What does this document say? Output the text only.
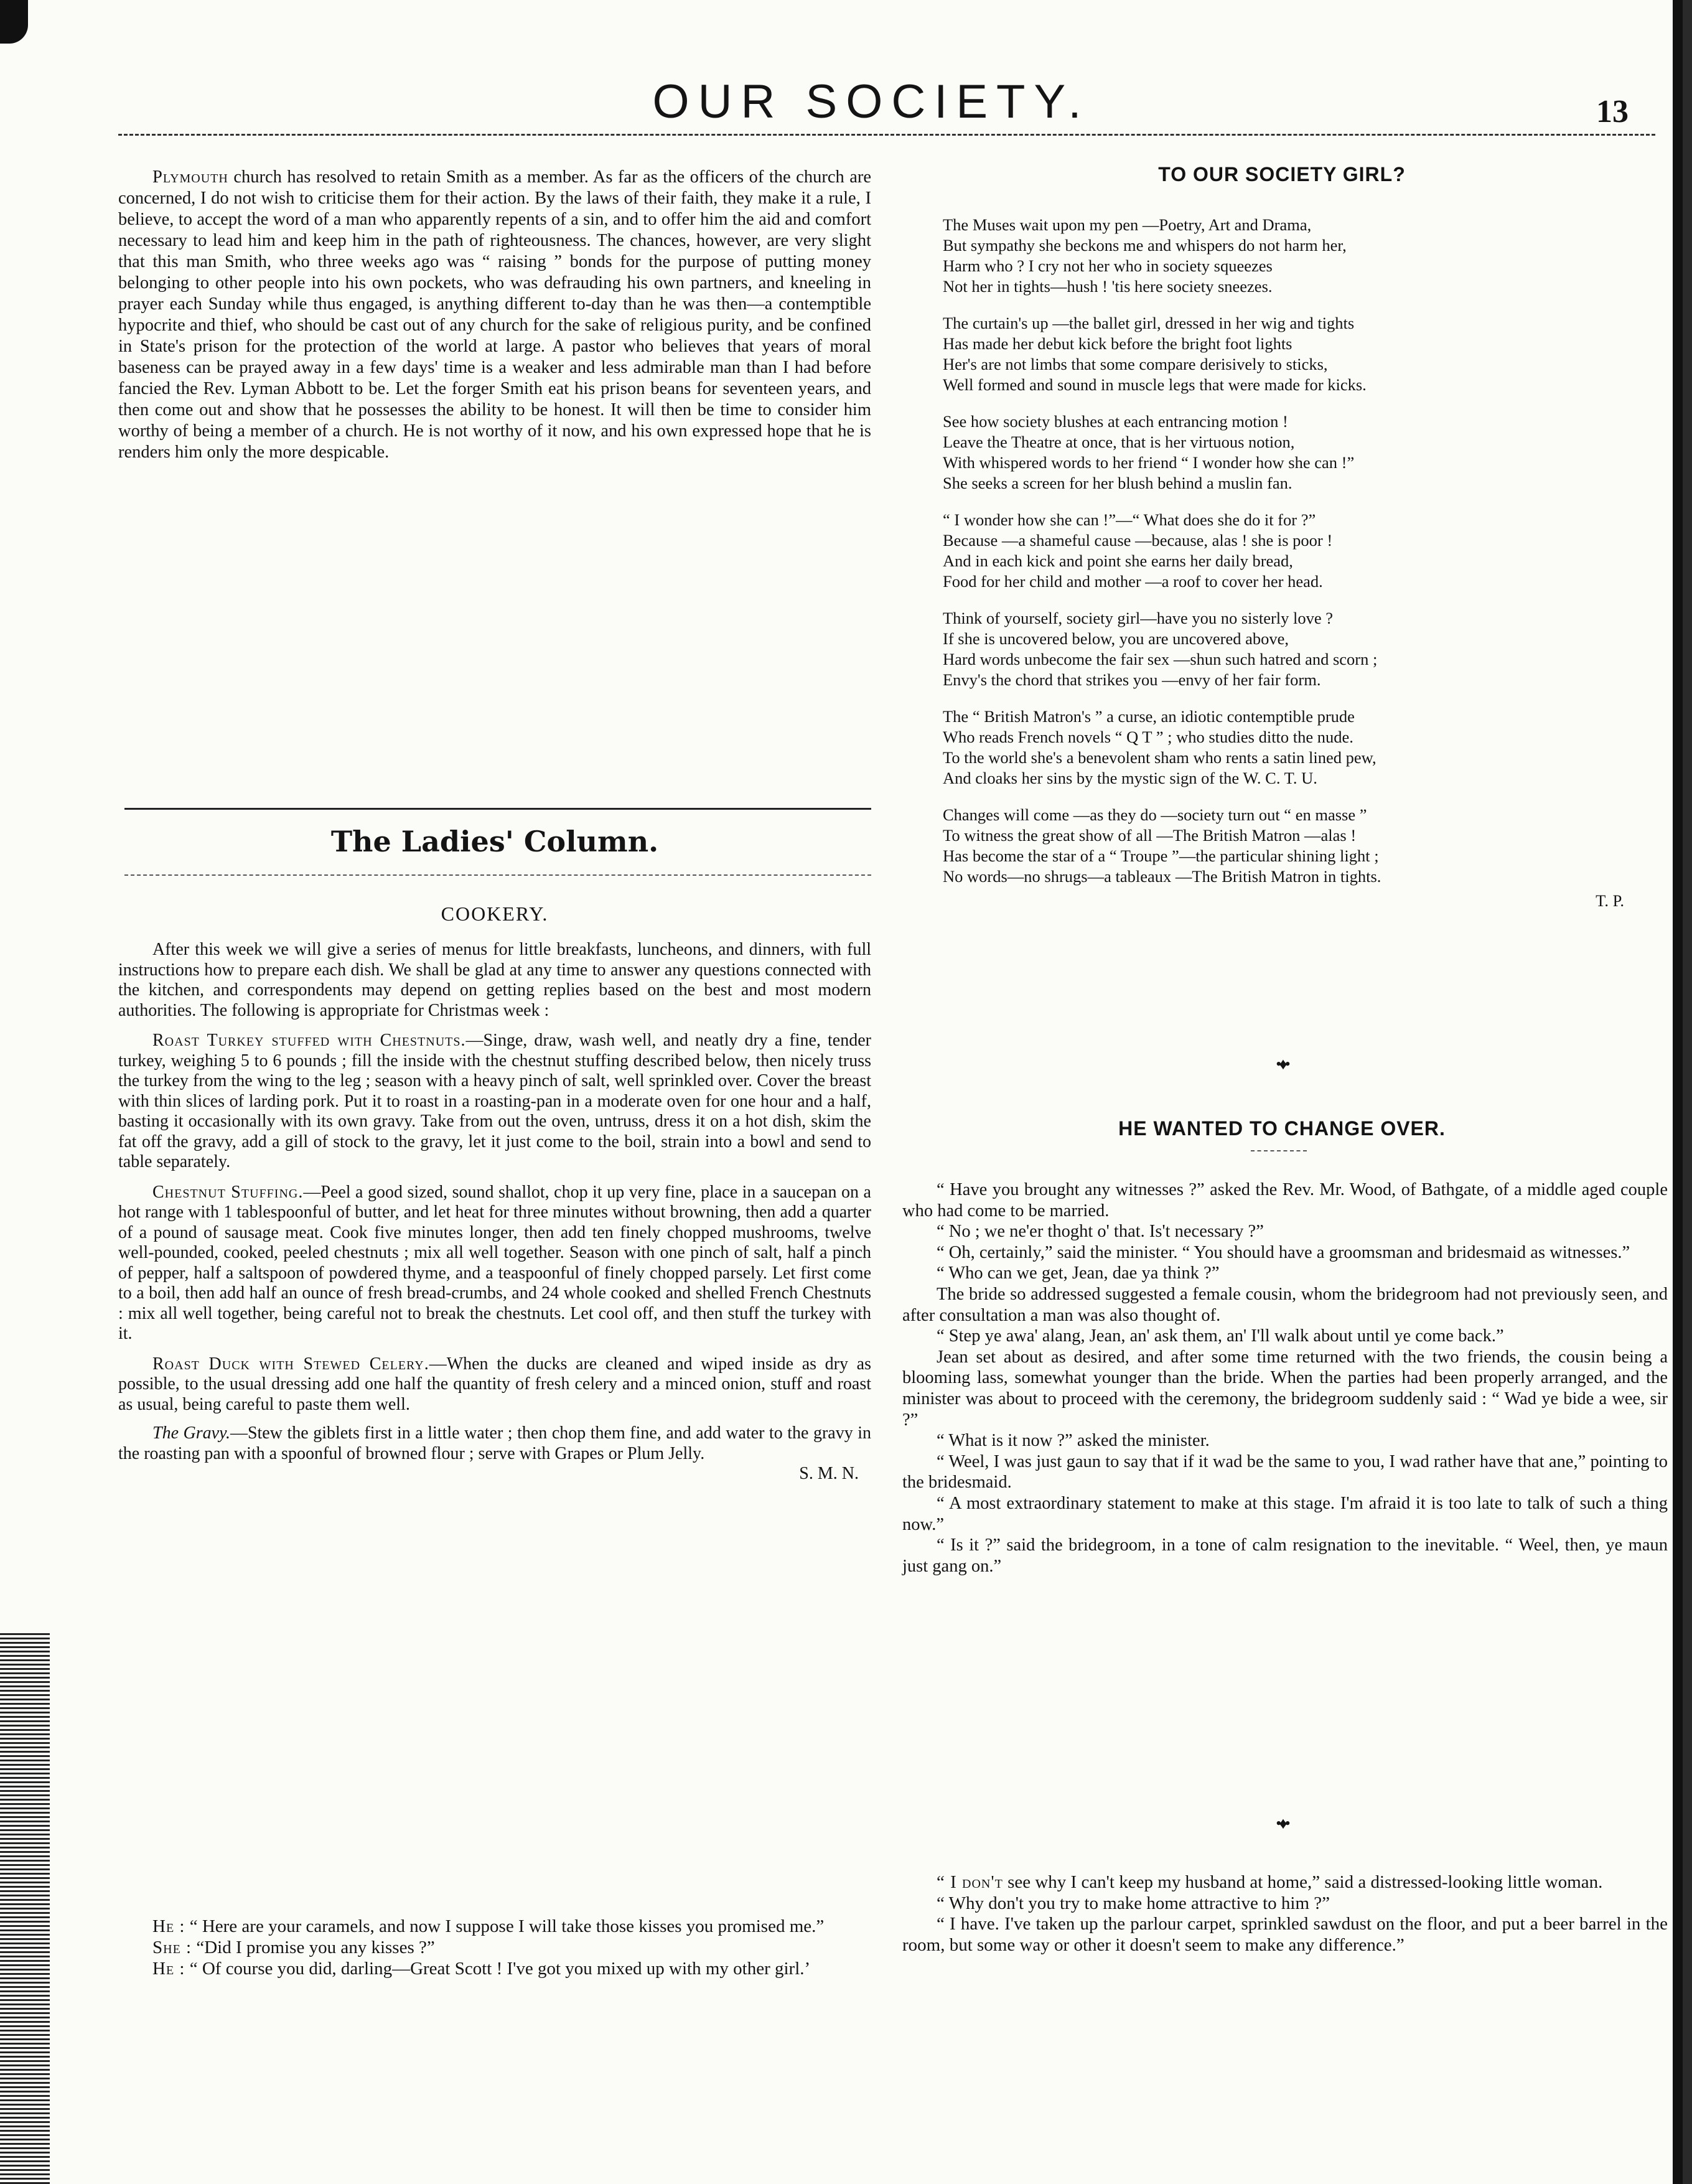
OUR SOCIETY.	13

Plymouth church has resolved to retain Smith as a member. As far as the officers of the church are concerned, I do not wish to criticise them for their action. By the laws of their faith, they make it a rule, I believe, to accept the word of a man who apparently repents of a sin, and to offer him the aid and comfort necessary to lead him and keep him in the path of righteousness. The chances, however, are very slight that this man Smith, who three weeks ago was “ raising ” bonds for the purpose of putting money belonging to other people into his own pockets, who was defrauding his own partners, and kneeling in prayer each Sunday while thus engaged, is anything different to-day than he was then—a contemptible hypocrite and thief, who should be cast out of any church for the sake of religious purity, and be confined in State's prison for the protection of the world at large. A pastor who believes that years of moral baseness can be prayed away in a few days' time is a weaker and less admirable man than I had before fancied the Rev. Lyman Abbott to be. Let the forger Smith eat his prison beans for seventeen years, and then come out and show that he possesses the ability to be honest. It will then be time to consider him worthy of being a member of a church. He is not worthy of it now, and his own expressed hope that he is renders him only the more despicable.

The Ladies' Column.
COOKERY.

After this week we will give a series of menus for little breakfasts, luncheons, and dinners, with full instructions how to prepare each dish. We shall be glad at any time to answer any questions connected with the kitchen, and correspondents may depend on getting replies based on the best and most modern authorities. The following is appropriate for Christmas week :

Roast Turkey stuffed with Chestnuts.—Singe, draw, wash well, and neatly dry a fine, tender turkey, weighing 5 to 6 pounds ; fill the inside with the chestnut stuffing described below, then nicely truss the turkey from the wing to the leg ; season with a heavy pinch of salt, well sprinkled over. Cover the breast with thin slices of larding pork. Put it to roast in a roasting-pan in a moderate oven for one hour and a half, basting it occasionally with its own gravy. Take from out the oven, untruss, dress it on a hot dish, skim the fat off the gravy, add a gill of stock to the gravy, let it just come to the boil, strain into a bowl and send to table separately.

Chestnut Stuffing.—Peel a good sized, sound shallot, chop it up very fine, place in a saucepan on a hot range with 1 tablespoonful of butter, and let heat for three minutes without browning, then add a quarter of a pound of sausage meat. Cook five minutes longer, then add ten finely chopped mushrooms, twelve well-pounded, cooked, peeled chestnuts ; mix all well together. Season with one pinch of salt, half a pinch of pepper, half a saltspoon of powdered thyme, and a teaspoonful of finely chopped parsely. Let first come to a boil, then add half an ounce of fresh bread-crumbs, and 24 whole cooked and shelled French Chestnuts : mix all well together, being careful not to break the chestnuts. Let cool off, and then stuff the turkey with it.

Roast Duck with Stewed Celery.—When the ducks are cleaned and wiped inside as dry as possible, to the usual dressing add one half the quantity of fresh celery and a minced onion, stuff and roast as usual, being careful to paste them well.

The Gravy.—Stew the giblets first in a little water ; then chop them fine, and add water to the gravy in the roasting pan with a spoonful of browned flour ; serve with Grapes or Plum Jelly.

S. M. N.

He : “ Here are your caramels, and now I suppose I will take those kisses you promised me.”

She : “Did I promise you any kisses ?”

He : “ Of course you did, darling—Great Scott ! I've got you mixed up with my other girl.’

TO OUR SOCIETY GIRL?
The Muses wait upon my pen —Poetry, Art and Drama,
But sympathy she beckons me and whispers do not harm her,
Harm who ? I cry not her who in society squeezes
Not her in tights—hush ! 'tis here society sneezes.
The curtain's up —the ballet girl, dressed in her wig and tights
Has made her debut kick before the bright foot lights
Her's are not limbs that some compare derisively to sticks,
Well formed and sound in muscle legs that were made for kicks.
See how society blushes at each entrancing motion !
Leave the Theatre at once, that is her virtuous notion,
With whispered words to her friend “ I wonder how she can !”
She seeks a screen for her blush behind a muslin fan.
“ I wonder how she can !”—“ What does she do it for ?”
Because —a shameful cause —because, alas ! she is poor !
And in each kick and point she earns her daily bread,
Food for her child and mother —a roof to cover her head.
Think of yourself, society girl—have you no sisterly love ?
If she is uncovered below, you are uncovered above,
Hard words unbecome the fair sex —shun such hatred and scorn ;
Envy's the chord that strikes you —envy of her fair form.
The “ British Matron's ” a curse, an idiotic contemptible prude
Who reads French novels “ Q T ” ; who studies ditto the nude.
To the world she's a benevolent sham who rents a satin lined pew,
And cloaks her sins by the mystic sign of the W. C. T. U.
Changes will come —as they do —society turn out “ en masse ”
To witness the great show of all —The British Matron —alas !
Has become the star of a “ Troupe ”—the particular shining light ;
No words—no shrugs—a tableaux —The British Matron in tights.
T. P.
•♦•
HE WANTED TO CHANGE OVER.

“ Have you brought any witnesses ?” asked the Rev. Mr. Wood, of Bathgate, of a middle aged couple who had come to be married.

“ No ; we ne'er thoght o' that. Is't necessary ?”

“ Oh, certainly,” said the minister. “ You should have a groomsman and bridesmaid as witnesses.”

“ Who can we get, Jean, dae ya think ?”

The bride so addressed suggested a female cousin, whom the bridegroom had not previously seen, and after consultation a man was also thought of.

“ Step ye awa' alang, Jean, an' ask them, an' I'll walk about until ye come back.”

Jean set about as desired, and after some time returned with the two friends, the cousin being a blooming lass, somewhat younger than the bride. When the parties had been properly arranged, and the minister was about to proceed with the ceremony, the bridegroom suddenly said : “ Wad ye bide a wee, sir ?”

“ What is it now ?” asked the minister.

“ Weel, I was just gaun to say that if it wad be the same to you, I wad rather have that ane,” pointing to the bridesmaid.

“ A most extraordinary statement to make at this stage. I'm afraid it is too late to talk of such a thing now.”

“ Is it ?” said the bridegroom, in a tone of calm resignation to the inevitable. “ Weel, then, ye maun just gang on.”

•♦•

“ I don't see why I can't keep my husband at home,” said a distressed-looking little woman.

“ Why don't you try to make home attractive to him ?”

“ I have. I've taken up the parlour carpet, sprinkled sawdust on the floor, and put a beer barrel in the room, but some way or other it doesn't seem to make any difference.”
